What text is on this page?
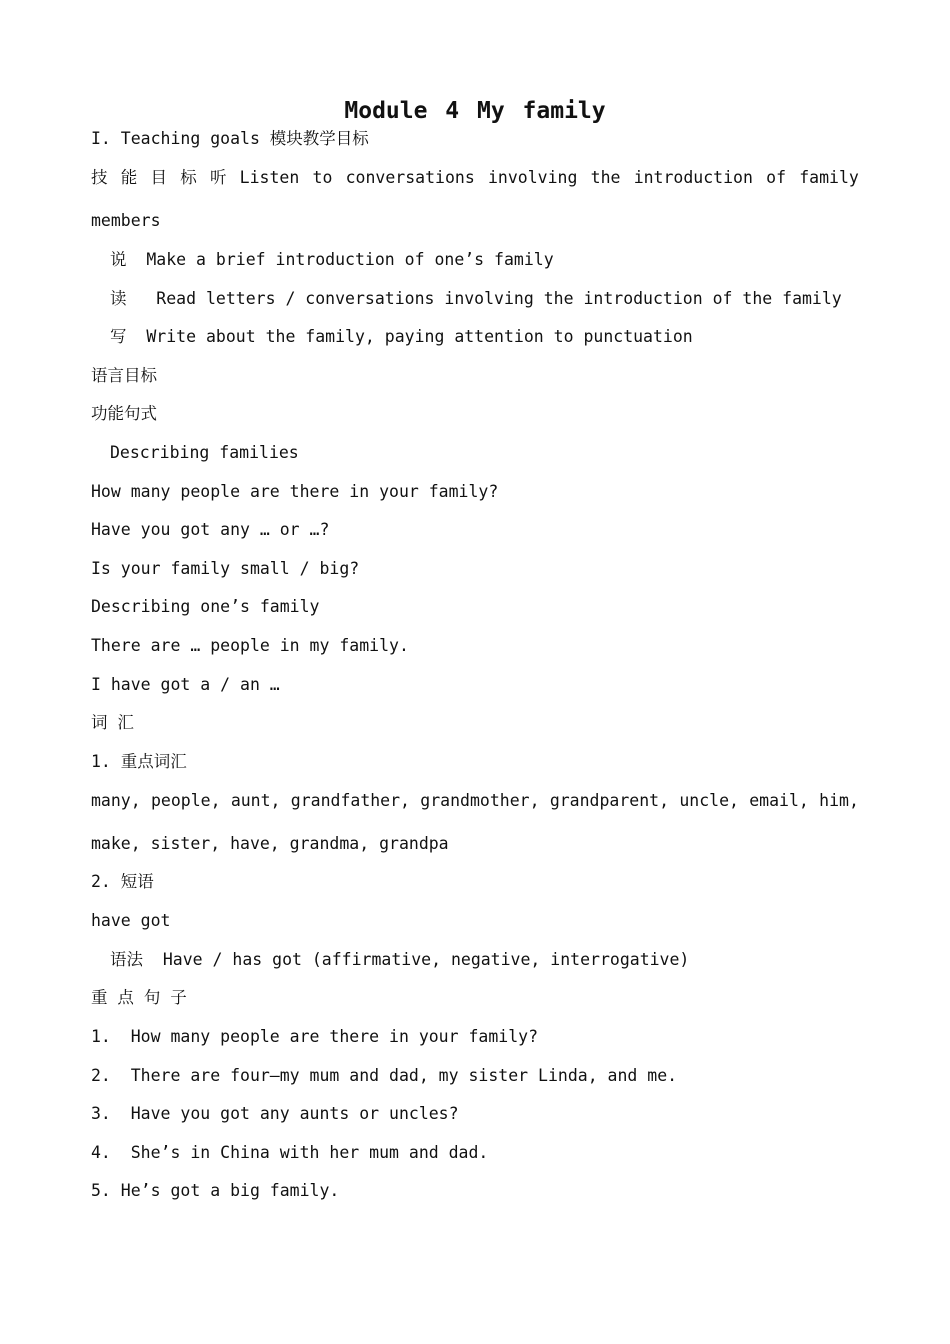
Module 4 My family
I. Teaching goals 模块教学目标
技 能 目 标 听 Listen to conversations involving the introduction of family
members
说  Make a brief introduction of one’s family
读   Read letters / conversations involving the introduction of the family
写  Write about the family, paying attention to punctuation
语言目标
功能句式
Describing families
How many people are there in your family?
Have you got any … or …?
Is your family small / big?
Describing one’s family
There are … people in my family.
I have got a / an …
词 汇
1. 重点词汇
many, people, aunt, grandfather, grandmother, grandparent, uncle, email, him,
make, sister, have, grandma, grandpa
2. 短语
have got
语法  Have / has got (affirmative, negative, interrogative)
重 点 句 子
1.  How many people are there in your family?
2.  There are four—my mum and dad, my sister Linda, and me.
3.  Have you got any aunts or uncles?
4.  She’s in China with her mum and dad.
5. He’s got a big family.
